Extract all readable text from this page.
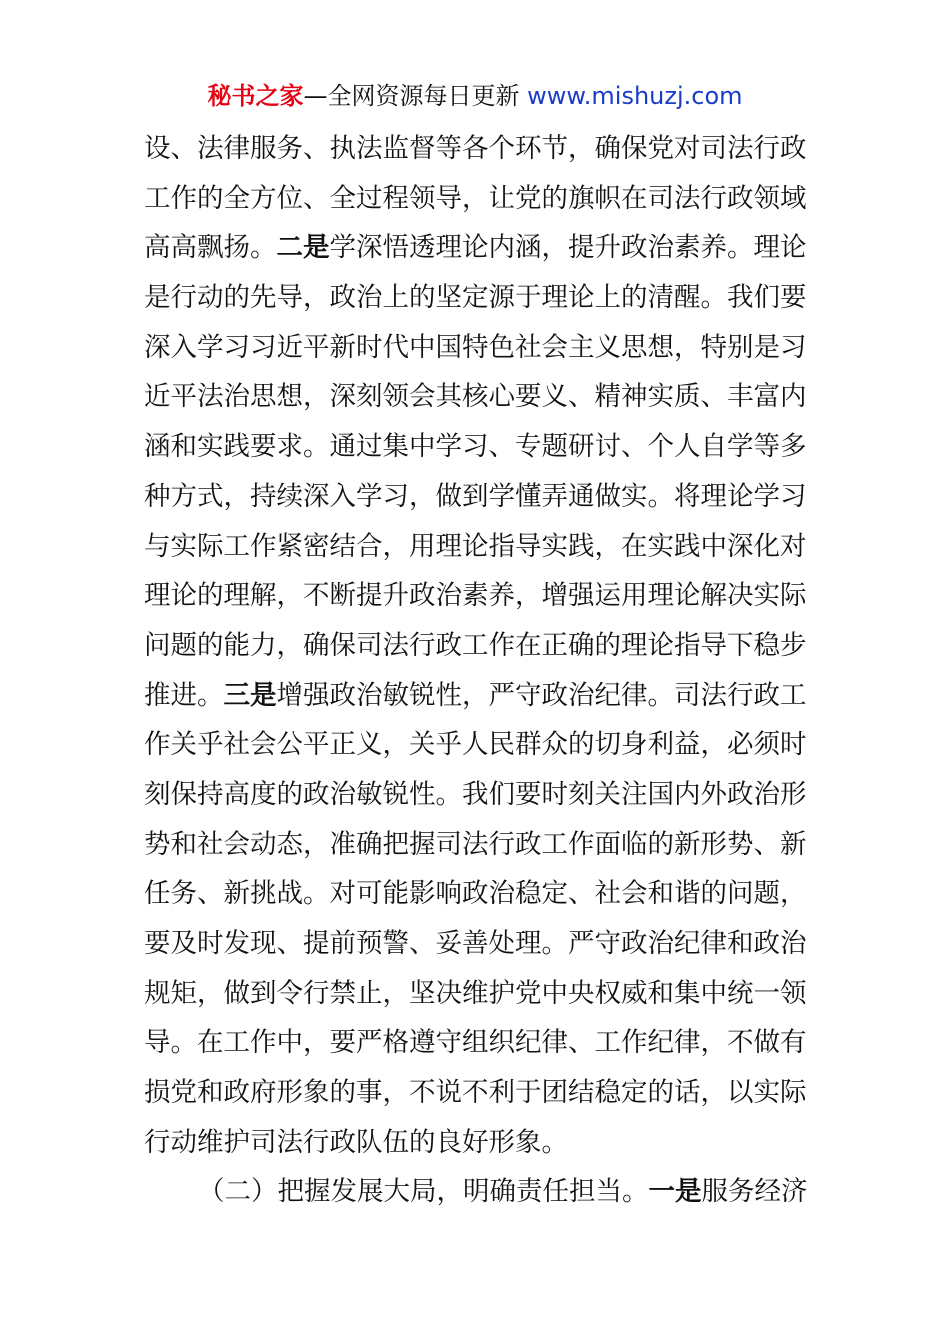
秘书之家—全网资源每日更新 www.mishuzj.com
设、法律服务、执法监督等各个环节，确保党对司法行政
工作的全方位、全过程领导，让党的旗帜在司法行政领域
高高飘扬。二是学深悟透理论内涵，提升政治素养。理论
是行动的先导，政治上的坚定源于理论上的清醒。我们要
深入学习习近平新时代中国特色社会主义思想，特别是习
近平法治思想，深刻领会其核心要义、精神实质、丰富内
涵和实践要求。通过集中学习、专题研讨、个人自学等多
种方式，持续深入学习，做到学懂弄通做实。将理论学习
与实际工作紧密结合，用理论指导实践，在实践中深化对
理论的理解，不断提升政治素养，增强运用理论解决实际
问题的能力，确保司法行政工作在正确的理论指导下稳步
推进。三是增强政治敏锐性，严守政治纪律。司法行政工
作关乎社会公平正义，关乎人民群众的切身利益，必须时
刻保持高度的政治敏锐性。我们要时刻关注国内外政治形
势和社会动态，准确把握司法行政工作面临的新形势、新
任务、新挑战。对可能影响政治稳定、社会和谐的问题，
要及时发现、提前预警、妥善处理。严守政治纪律和政治
规矩，做到令行禁止，坚决维护党中央权威和集中统一领
导。在工作中，要严格遵守组织纪律、工作纪律，不做有
损党和政府形象的事，不说不利于团结稳定的话，以实际
行动维护司法行政队伍的良好形象。
（二）把握发展大局，明确责任担当。一是服务经济
